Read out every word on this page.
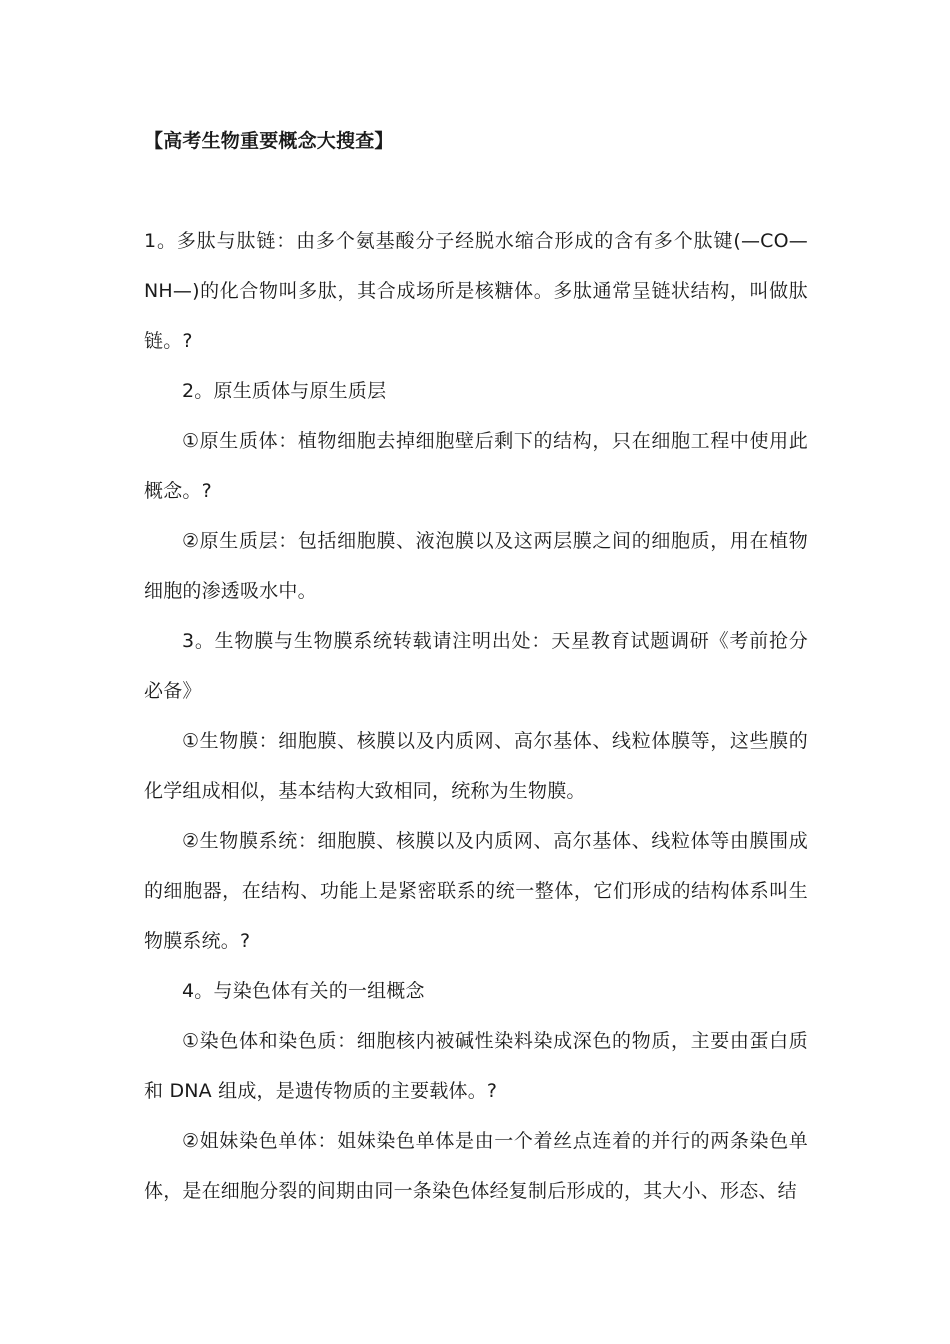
【高考生物重要概念大搜查】

1。多肽与肽链：由多个氨基酸分子经脱水缩合形成的含有多个肽键(—CO—NH—)的化合物叫多肽，其合成场所是核糖体。多肽通常呈链状结构，叫做肽链。?

2。原生质体与原生质层

①原生质体：植物细胞去掉细胞壁后剩下的结构，只在细胞工程中使用此概念。?

②原生质层：包括细胞膜、液泡膜以及这两层膜之间的细胞质，用在植物细胞的渗透吸水中。

3。生物膜与生物膜系统转载请注明出处：天星教育试题调研《考前抢分必备》

①生物膜：细胞膜、核膜以及内质网、高尔基体、线粒体膜等，这些膜的化学组成相似，基本结构大致相同，统称为生物膜。

②生物膜系统：细胞膜、核膜以及内质网、高尔基体、线粒体等由膜围成的细胞器，在结构、功能上是紧密联系的统一整体，它们形成的结构体系叫生物膜系统。?

4。与染色体有关的一组概念

①染色体和染色质：细胞核内被碱性染料染成深色的物质，主要由蛋白质和 DNA 组成，是遗传物质的主要载体。?

②姐妹染色单体：姐妹染色单体是由一个着丝点连着的并行的两条染色单体，是在细胞分裂的间期由同一条染色体经复制后形成的，其大小、形态、结
